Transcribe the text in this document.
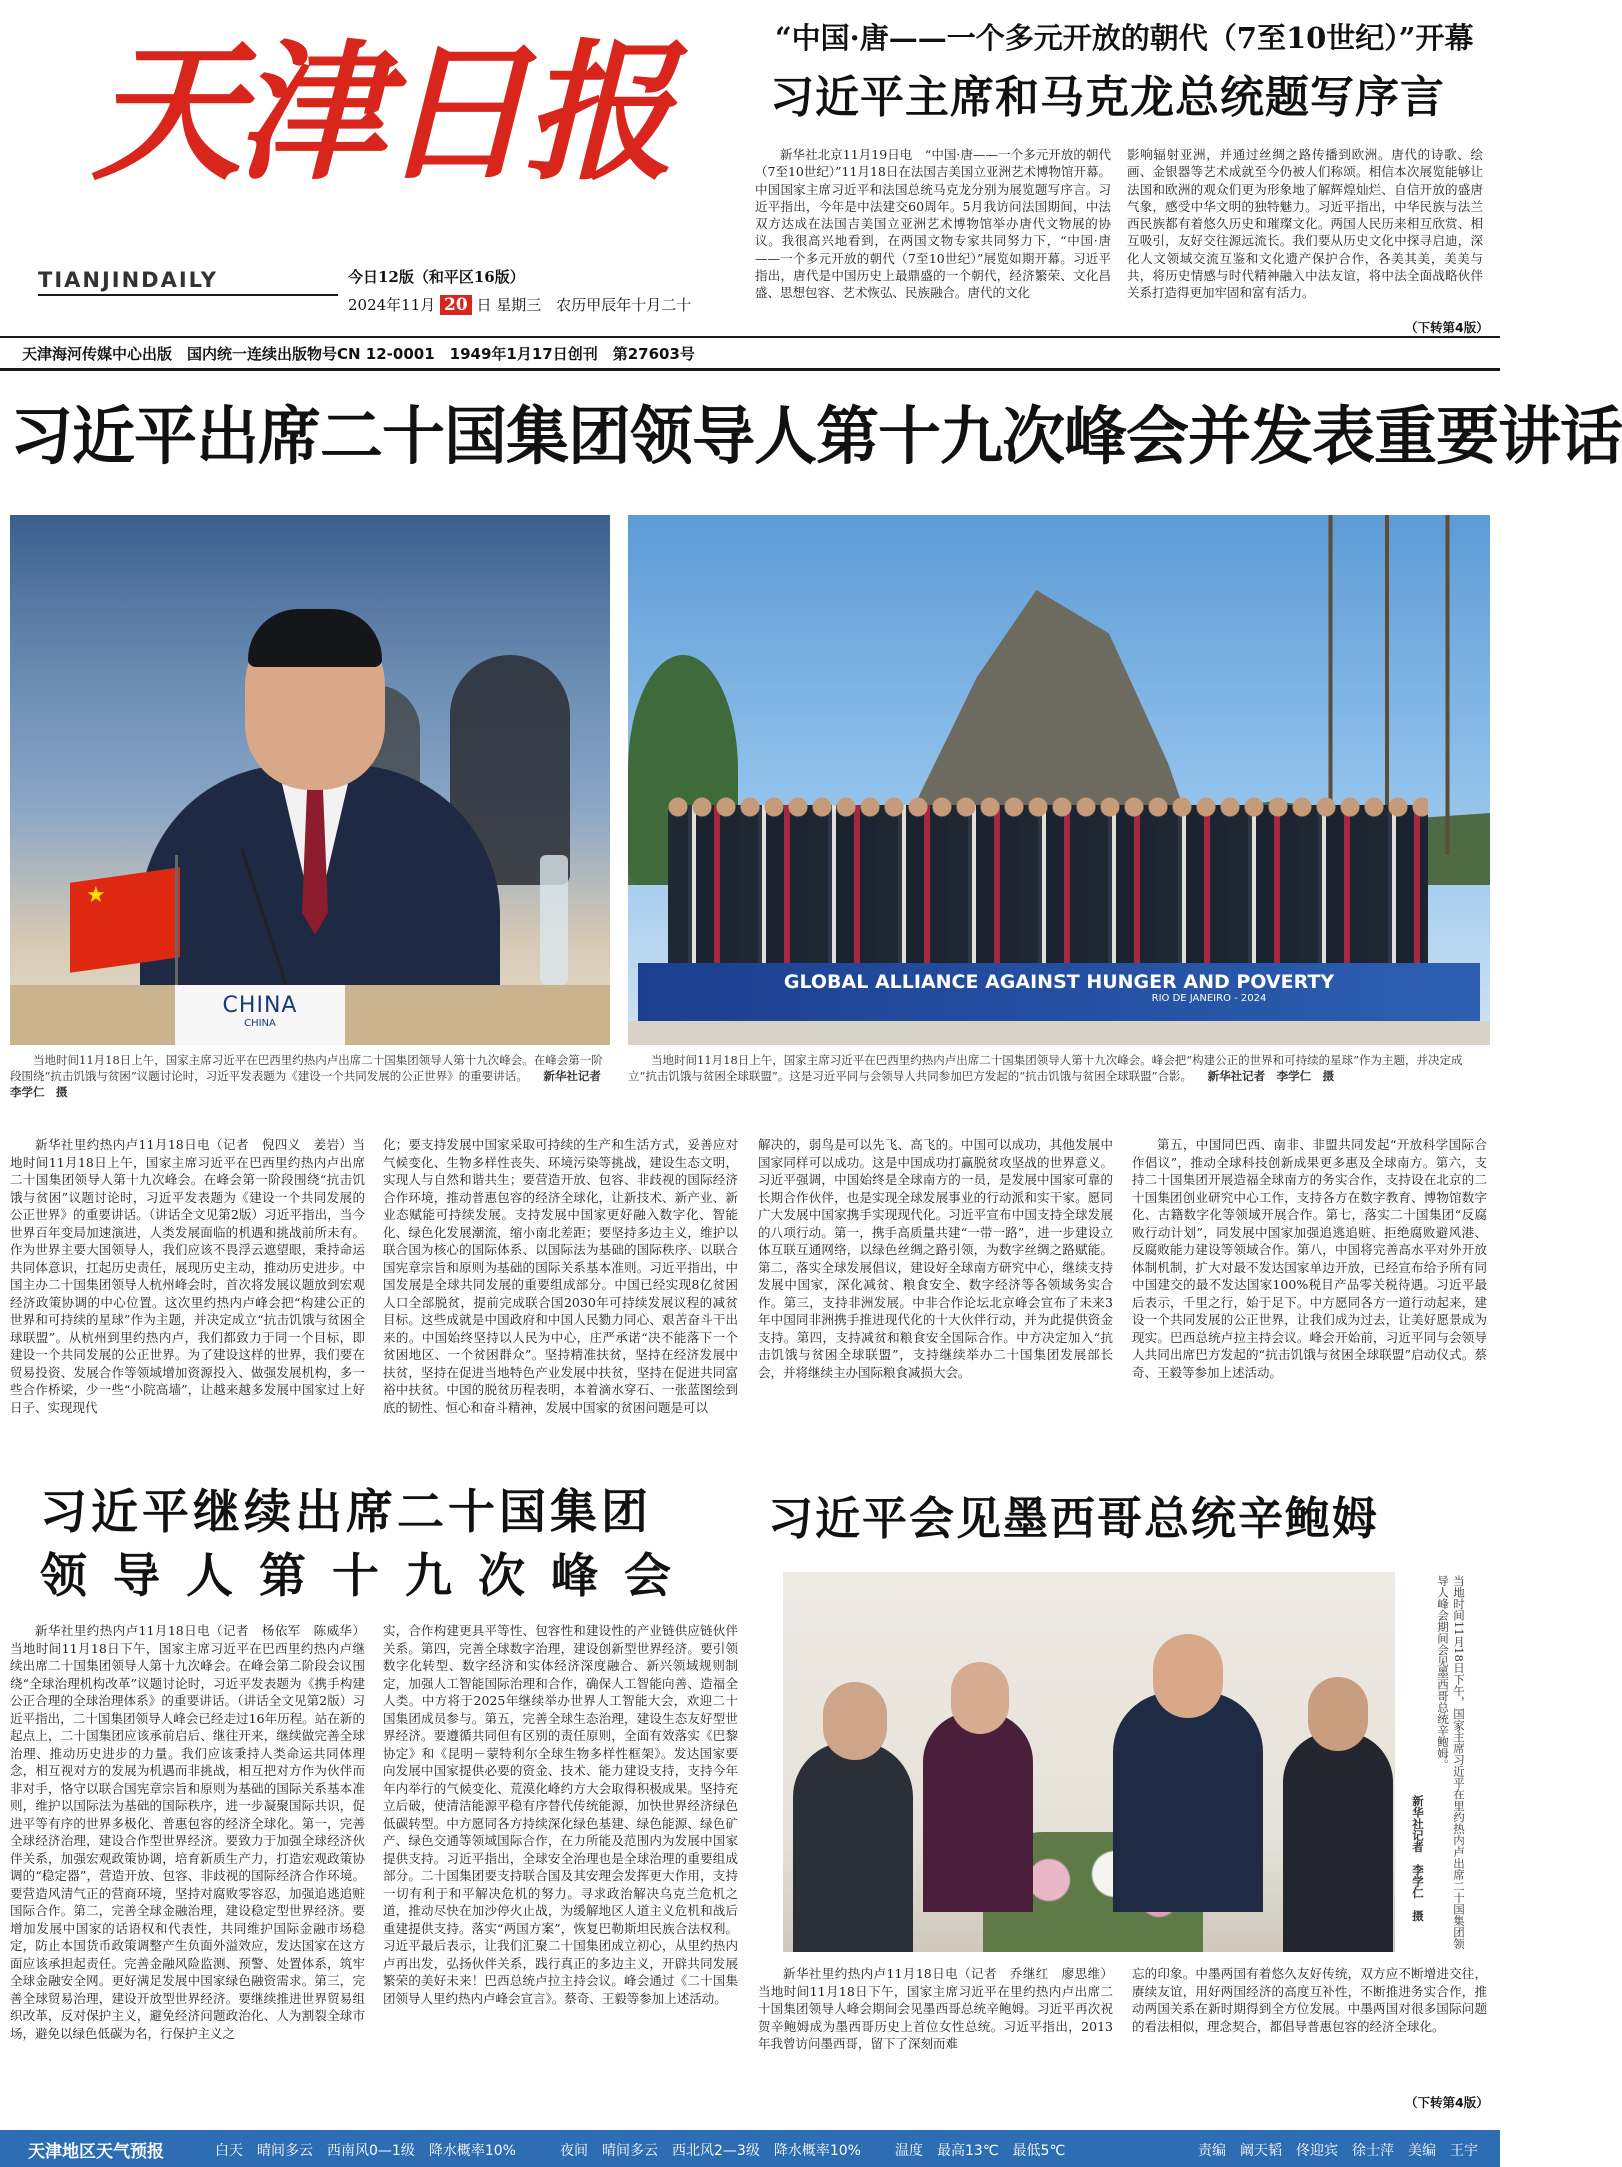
天津日报
TIANJINDAILY	今日12版（和平区16版）
2024年11月 20 日 星期三　农历甲辰年十月二十
天津海河传媒中心出版　国内统一连续出版物号CN 12-0001　1949年1月17日创刊　第27603号
“中国·唐——一个多元开放的朝代（7至10世纪）”开幕
习近平主席和马克龙总统题写序言
新华社北京11月19日电　“中国·唐——一个多元开放的朝代（7至10世纪）”11月18日在法国吉美国立亚洲艺术博物馆开幕。中国国家主席习近平和法国总统马克龙分别为展览题写序言。习近平指出，今年是中法建交60周年。5月我访问法国期间，中法双方达成在法国吉美国立亚洲艺术博物馆举办唐代文物展的协议。我很高兴地看到，在两国文物专家共同努力下，“中国·唐——一个多元开放的朝代（7至10世纪）”展览如期开幕。习近平指出，唐代是中国历史上最鼎盛的一个朝代，经济繁荣、文化昌盛、思想包容、艺术恢弘、民族融合。唐代的文化
影响辐射亚洲，并通过丝绸之路传播到欧洲。唐代的诗歌、绘画、金银器等艺术成就至今仍被人们称颂。相信本次展览能够让法国和欧洲的观众们更为形象地了解辉煌灿烂、自信开放的盛唐气象，感受中华文明的独特魅力。习近平指出，中华民族与法兰西民族都有着悠久历史和璀璨文化。两国人民历来相互欣赏、相互吸引，友好交往源远流长。我们要从历史文化中探寻启迪，深化人文领域交流互鉴和文化遗产保护合作，各美其美，美美与共，将历史情感与时代精神融入中法友谊，将中法全面战略伙伴关系打造得更加牢固和富有活力。
（下转第4版）
习近平出席二十国集团领导人第十九次峰会并发表重要讲话
★
CHINA
CHINA
GLOBAL ALLIANCE AGAINST HUNGER AND POVERTY
RIO DE JANEIRO - 2024
当地时间11月18日上午，国家主席习近平在巴西里约热内卢出席二十国集团领导人第十九次峰会。在峰会第一阶段围绕“抗击饥饿与贫困”议题讨论时，习近平发表题为《建设一个共同发展的公正世界》的重要讲话。 新华社记者　李学仁　摄
当地时间11月18日上午，国家主席习近平在巴西里约热内卢出席二十国集团领导人第十九次峰会。峰会把“构建公正的世界和可持续的星球”作为主题，并决定成立“抗击饥饿与贫困全球联盟”。这是习近平同与会领导人共同参加巴方发起的“抗击饥饿与贫困全球联盟”合影。 新华社记者　李学仁　摄
新华社里约热内卢11月18日电（记者　倪四义　姜岩）当地时间11月18日上午，国家主席习近平在巴西里约热内卢出席二十国集团领导人第十九次峰会。在峰会第一阶段围绕“抗击饥饿与贫困”议题讨论时，习近平发表题为《建设一个共同发展的公正世界》的重要讲话。（讲话全文见第2版）习近平指出，当今世界百年变局加速演进，人类发展面临的机遇和挑战前所未有。作为世界主要大国领导人，我们应该不畏浮云遮望眼，秉持命运共同体意识，扛起历史责任，展现历史主动，推动历史进步。中国主办二十国集团领导人杭州峰会时，首次将发展议题放到宏观经济政策协调的中心位置。这次里约热内卢峰会把“构建公正的世界和可持续的星球”作为主题，并决定成立“抗击饥饿与贫困全球联盟”。从杭州到里约热内卢，我们都致力于同一个目标，即建设一个共同发展的公正世界。为了建设这样的世界，我们要在贸易投资、发展合作等领域增加资源投入、做强发展机构，多一些合作桥梁，少一些“小院高墙”，让越来越多发展中国家过上好日子、实现现代
化；要支持发展中国家采取可持续的生产和生活方式，妥善应对气候变化、生物多样性丧失、环境污染等挑战，建设生态文明，实现人与自然和谐共生；要营造开放、包容、非歧视的国际经济合作环境，推动普惠包容的经济全球化，让新技术、新产业、新业态赋能可持续发展。支持发展中国家更好融入数字化、智能化、绿色化发展潮流，缩小南北差距；要坚持多边主义，维护以联合国为核心的国际体系、以国际法为基础的国际秩序、以联合国宪章宗旨和原则为基础的国际关系基本准则。习近平指出，中国发展是全球共同发展的重要组成部分。中国已经实现8亿贫困人口全部脱贫，提前完成联合国2030年可持续发展议程的减贫目标。这些成就是中国政府和中国人民勠力同心、艰苦奋斗干出来的。中国始终坚持以人民为中心，庄严承诺“决不能落下一个贫困地区、一个贫困群众”。坚持精准扶贫，坚持在经济发展中扶贫，坚持在促进当地特色产业发展中扶贫，坚持在促进共同富裕中扶贫。中国的脱贫历程表明，本着滴水穿石、一张蓝图绘到底的韧性、恒心和奋斗精神，发展中国家的贫困问题是可以
解决的，弱鸟是可以先飞、高飞的。中国可以成功，其他发展中国家同样可以成功。这是中国成功打赢脱贫攻坚战的世界意义。习近平强调，中国始终是全球南方的一员，是发展中国家可靠的长期合作伙伴，也是实现全球发展事业的行动派和实干家。愿同广大发展中国家携手实现现代化。习近平宣布中国支持全球发展的八项行动。第一，携手高质量共建“一带一路”，进一步建设立体互联互通网络，以绿色丝绸之路引领，为数字丝绸之路赋能。第二，落实全球发展倡议，建设好全球南方研究中心，继续支持发展中国家，深化减贫、粮食安全、数字经济等各领域务实合作。第三，支持非洲发展。中非合作论坛北京峰会宣布了未来3年中国同非洲携手推进现代化的十大伙伴行动，并为此提供资金支持。第四，支持减贫和粮食安全国际合作。中方决定加入“抗击饥饿与贫困全球联盟”，支持继续举办二十国集团发展部长会，并将继续主办国际粮食减损大会。
第五，中国同巴西、南非、非盟共同发起“开放科学国际合作倡议”，推动全球科技创新成果更多惠及全球南方。第六，支持二十国集团开展造福全球南方的务实合作，支持设在北京的二十国集团创业研究中心工作，支持各方在数字教育、博物馆数字化、古籍数字化等领域开展合作。第七，落实二十国集团“反腐败行动计划”，同发展中国家加强追逃追赃、拒绝腐败避风港、反腐败能力建设等领域合作。第八，中国将完善高水平对外开放体制机制，扩大对最不发达国家单边开放，已经宣布给予所有同中国建交的最不发达国家100%税目产品零关税待遇。习近平最后表示，千里之行，始于足下。中方愿同各方一道行动起来，建设一个共同发展的公正世界，让我们成为过去，让美好愿景成为现实。巴西总统卢拉主持会议。峰会开始前，习近平同与会领导人共同出席巴方发起的“抗击饥饿与贫困全球联盟”启动仪式。蔡奇、王毅等参加上述活动。
习近平继续出席二十国集团
领导人第十九次峰会
新华社里约热内卢11月18日电（记者　杨依军　陈威华）当地时间11月18日下午，国家主席习近平在巴西里约热内卢继续出席二十国集团领导人第十九次峰会。在峰会第二阶段会议围绕“全球治理机构改革”议题讨论时，习近平发表题为《携手构建公正合理的全球治理体系》的重要讲话。（讲话全文见第2版）习近平指出，二十国集团领导人峰会已经走过16年历程。站在新的起点上，二十国集团应该承前启后、继往开来，继续做完善全球治理、推动历史进步的力量。我们应该秉持人类命运共同体理念，相互视对方的发展为机遇而非挑战，相互把对方作为伙伴而非对手，恪守以联合国宪章宗旨和原则为基础的国际关系基本准则，维护以国际法为基础的国际秩序，进一步凝聚国际共识，促进平等有序的世界多极化、普惠包容的经济全球化。第一，完善全球经济治理，建设合作型世界经济。要致力于加强全球经济伙伴关系，加强宏观政策协调，培育新质生产力，打造宏观政策协调的“稳定器”，营造开放、包容、非歧视的国际经济合作环境。要营造风清气正的营商环境，坚持对腐败零容忍，加强追逃追赃国际合作。第二，完善全球金融治理，建设稳定型世界经济。要增加发展中国家的话语权和代表性，共同维护国际金融市场稳定，防止本国货币政策调整产生负面外溢效应，发达国家在这方面应该承担起责任。完善金融风险监测、预警、处置体系，筑牢全球金融安全网。更好满足发展中国家绿色融资需求。第三，完善全球贸易治理，建设开放型世界经济。要继续推进世界贸易组织改革，反对保护主义，避免经济问题政治化、人为割裂全球市场，避免以绿色低碳为名，行保护主义之
实，合作构建更具平等性、包容性和建设性的产业链供应链伙伴关系。第四，完善全球数字治理，建设创新型世界经济。要引领数字化转型、数字经济和实体经济深度融合、新兴领域规则制定，加强人工智能国际治理和合作，确保人工智能向善、造福全人类。中方将于2025年继续举办世界人工智能大会，欢迎二十国集团成员参与。第五，完善全球生态治理，建设生态友好型世界经济。要遵循共同但有区别的责任原则，全面有效落实《巴黎协定》和《昆明－蒙特利尔全球生物多样性框架》。发达国家要向发展中国家提供必要的资金、技术、能力建设支持，支持今年年内举行的气候变化、荒漠化峰约方大会取得积极成果。坚持充立后破，使清洁能源平稳有序替代传统能源，加快世界经济绿色低碳转型。中方愿同各方持续深化绿色基建、绿色能源、绿色矿产、绿色交通等领域国际合作，在力所能及范围内为发展中国家提供支持。习近平指出，全球安全治理也是全球治理的重要组成部分。二十国集团要支持联合国及其安理会发挥更大作用，支持一切有利于和平解决危机的努力。寻求政治解决乌克兰危机之道，推动尽快在加沙停火止战，为缓解地区人道主义危机和战后重建提供支持。落实“两国方案”，恢复巴勒斯坦民族合法权利。习近平最后表示，让我们汇聚二十国集团成立初心，从里约热内卢再出发，弘扬伙伴关系，践行真正的多边主义，开辟共同发展繁荣的美好未来！巴西总统卢拉主持会议。峰会通过《二十国集团领导人里约热内卢峰会宣言》。蔡奇、王毅等参加上述活动。
习近平会见墨西哥总统辛鲍姆
当地时间11月18日下午，国家主席习近平在里约热内卢出席二十国集团领导人峰会期间会见墨西哥总统辛鲍姆。
新华社记者　李学仁　摄
新华社里约热内卢11月18日电（记者　乔继红　廖思维）当地时间11月18日下午，国家主席习近平在里约热内卢出席二十国集团领导人峰会期间会见墨西哥总统辛鲍姆。习近平再次祝贺辛鲍姆成为墨西哥历史上首位女性总统。习近平指出，2013年我曾访问墨西哥，留下了深刻而难
忘的印象。中墨两国有着悠久友好传统，双方应不断增进交往，赓续友谊，用好两国经济的高度互补性，不断推进务实合作，推动两国关系在新时期得到全方位发展。中墨两国对很多国际问题的看法相似，理念契合，都倡导普惠包容的经济全球化。
（下转第4版）
天津地区天气预报	白天　晴间多云　西南风0—1级　降水概率10%	夜间　晴间多云　西北风2—3级　降水概率10% 温度　最高13℃　最低5℃	责编　阚天韬　佟迎宾　徐士萍　美编　王宇
